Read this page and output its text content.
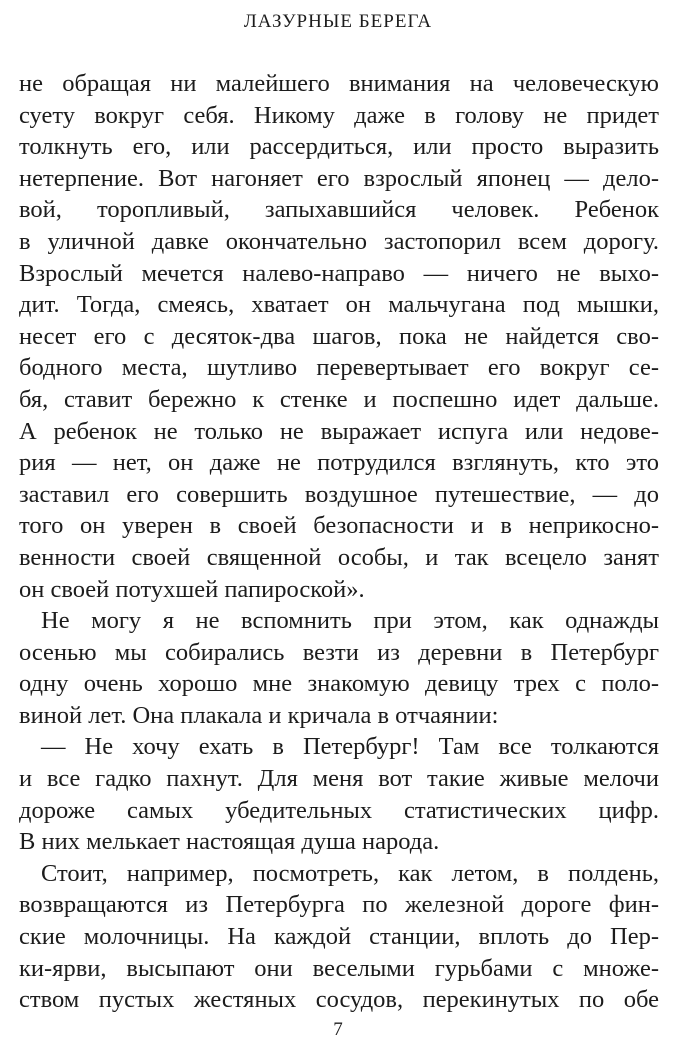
ЛАЗУРНЫЕ БЕРЕГА
не обращая ни малейшего внимания на человеческую
суету вокруг себя. Никому даже в голову не придет
толкнуть его, или рассердиться, или просто выразить
нетерпение. Вот нагоняет его взрослый японец — дело-
вой, торопливый, запыхавшийся человек. Ребенок
в уличной давке окончательно застопорил всем дорогу.
Взрослый мечется налево-направо — ничего не выхо-
дит. Тогда, смеясь, хватает он мальчугана под мышки,
несет его с десяток-два шагов, пока не найдется сво-
бодного места, шутливо перевертывает его вокруг се-
бя, ставит бережно к стенке и поспешно идет дальше.
А ребенок не только не выражает испуга или недове-
рия — нет, он даже не потрудился взглянуть, кто это
заставил его совершить воздушное путешествие, — до
того он уверен в своей безопасности и в неприкосно-
венности своей священной особы, и так всецело занят
он своей потухшей папироской».
Не могу я не вспомнить при этом, как однажды
осенью мы собирались везти из деревни в Петербург
одну очень хорошо мне знакомую девицу трех с поло-
виной лет. Она плакала и кричала в отчаянии:
— Не хочу ехать в Петербург! Там все толкаются
и все гадко пахнут. Для меня вот такие живые мелочи
дороже самых убедительных статистических цифр.
В них мелькает настоящая душа народа.
Стоит, например, посмотреть, как летом, в полдень,
возвращаются из Петербурга по железной дороге фин-
ские молочницы. На каждой станции, вплоть до Пер-
ки-ярви, высыпают они веселыми гурьбами с множе-
ством пустых жестяных сосудов, перекинутых по обе
7
